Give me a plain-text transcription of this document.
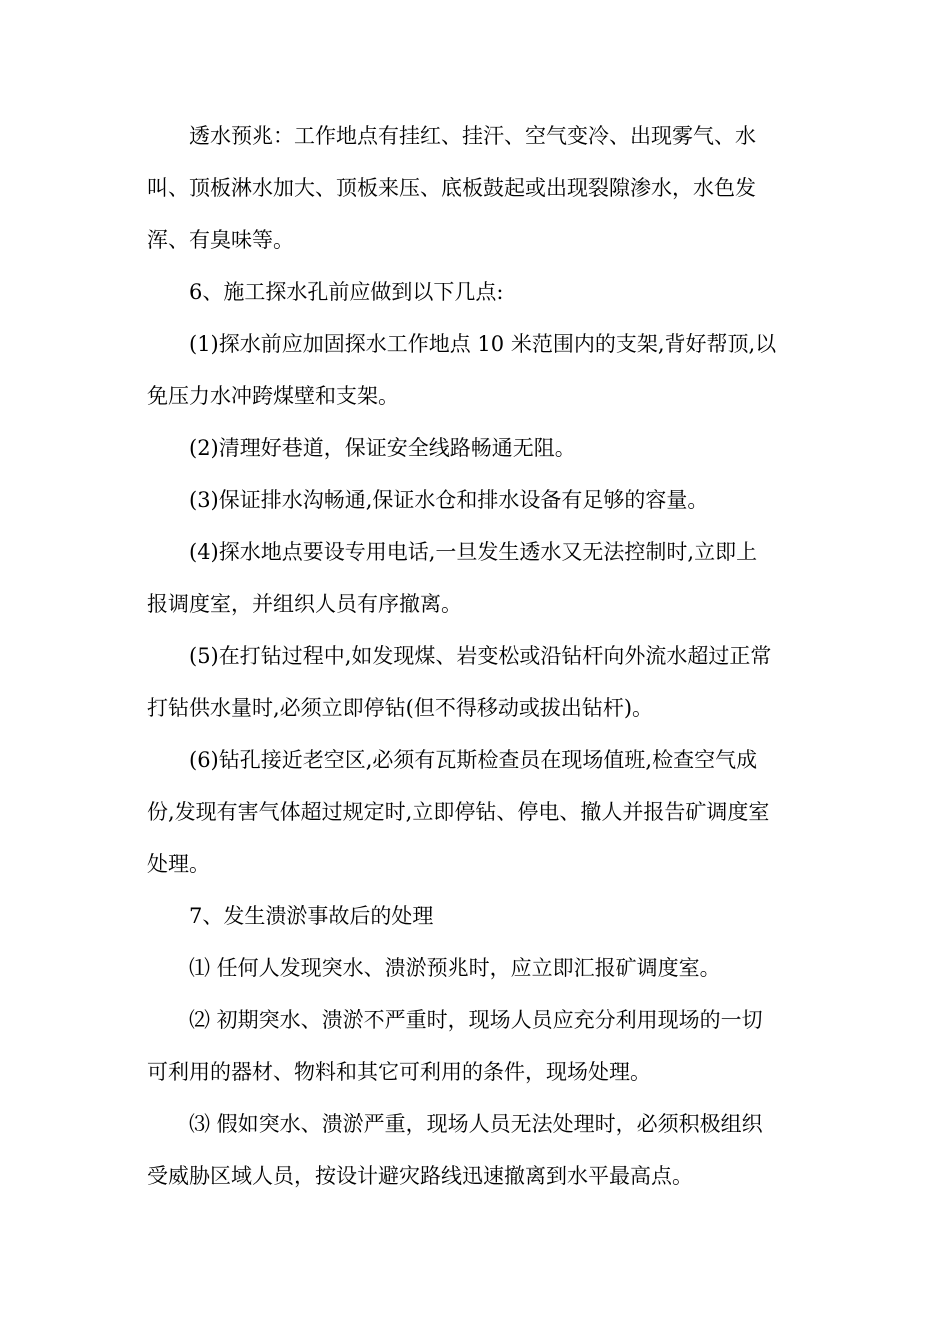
透水预兆：工作地点有挂红、挂汗、空气变冷、出现雾气、水
叫、顶板淋水加大、顶板来压、底板鼓起或出现裂隙渗水，水色发
浑、有臭味等。
6、施工探水孔前应做到以下几点:
(1)探水前应加固探水工作地点 10 米范围内的支架,背好帮顶,以
免压力水冲跨煤壁和支架。
(2)清理好巷道，保证安全线路畅通无阻。
(3)保证排水沟畅通,保证水仓和排水设备有足够的容量。
(4)探水地点要设专用电话,一旦发生透水又无法控制时,立即上
报调度室，并组织人员有序撤离。
(5)在打钻过程中,如发现煤、岩变松或沿钻杆向外流水超过正常
打钻供水量时,必须立即停钻(但不得移动或拔出钻杆)。
(6)钻孔接近老空区,必须有瓦斯检查员在现场值班,检查空气成
份,发现有害气体超过规定时,立即停钻、停电、撤人并报告矿调度室
处理。
7、发生溃淤事故后的处理
⑴ 任何人发现突水、溃淤预兆时，应立即汇报矿调度室。
⑵ 初期突水、溃淤不严重时，现场人员应充分利用现场的一切
可利用的器材、物料和其它可利用的条件，现场处理。
⑶ 假如突水、溃淤严重，现场人员无法处理时，必须积极组织
受威胁区域人员，按设计避灾路线迅速撤离到水平最高点。
